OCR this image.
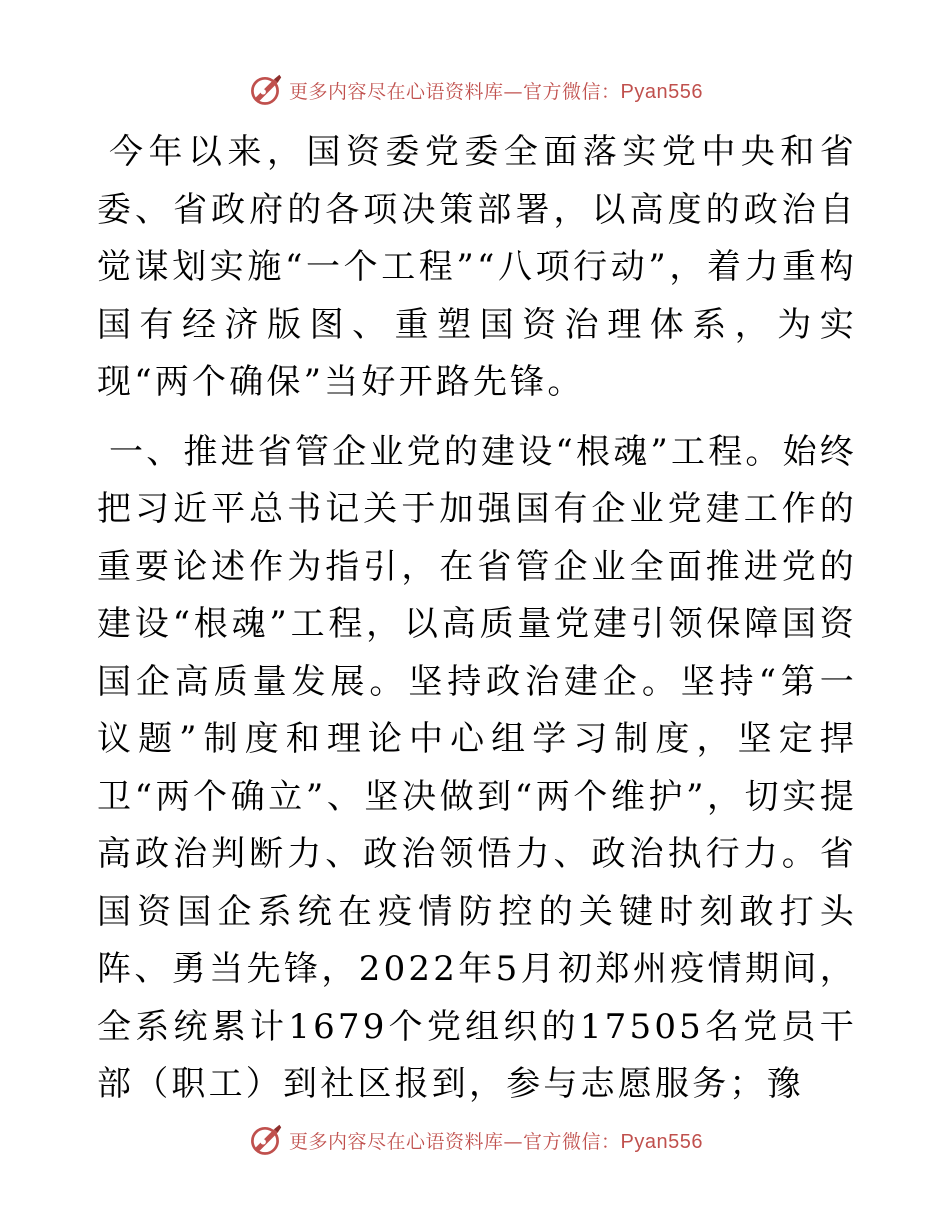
更多内容尽在心语资料库—官方微信：Pyan556

今年以来，国资委党委全面落实党中央和省委、省政府的各项决策部署，以高度的政治自觉谋划实施“一个工程”“八项行动”，着力重构国有经济版图、重塑国资治理体系，为实现“两个确保”当好开路先锋。

一、推进省管企业党的建设“根魂”工程。始终把习近平总书记关于加强国有企业党建工作的重要论述作为指引，在省管企业全面推进党的建设“根魂”工程，以高质量党建引领保障国资国企高质量发展。坚持政治建企。坚持“第一议题”制度和理论中心组学习制度，坚定捍卫“两个确立”、坚决做到“两个维护”，切实提高政治判断力、政治领悟力、政治执行力。省国资国企系统在疫情防控的关键时刻敢打头阵、勇当先锋，2022年5月初郑州疫情期间，全系统累计1679个党组织的17505名党员干部（职工）到社区报到，参与志愿服务；豫

更多内容尽在心语资料库—官方微信：Pyan556
